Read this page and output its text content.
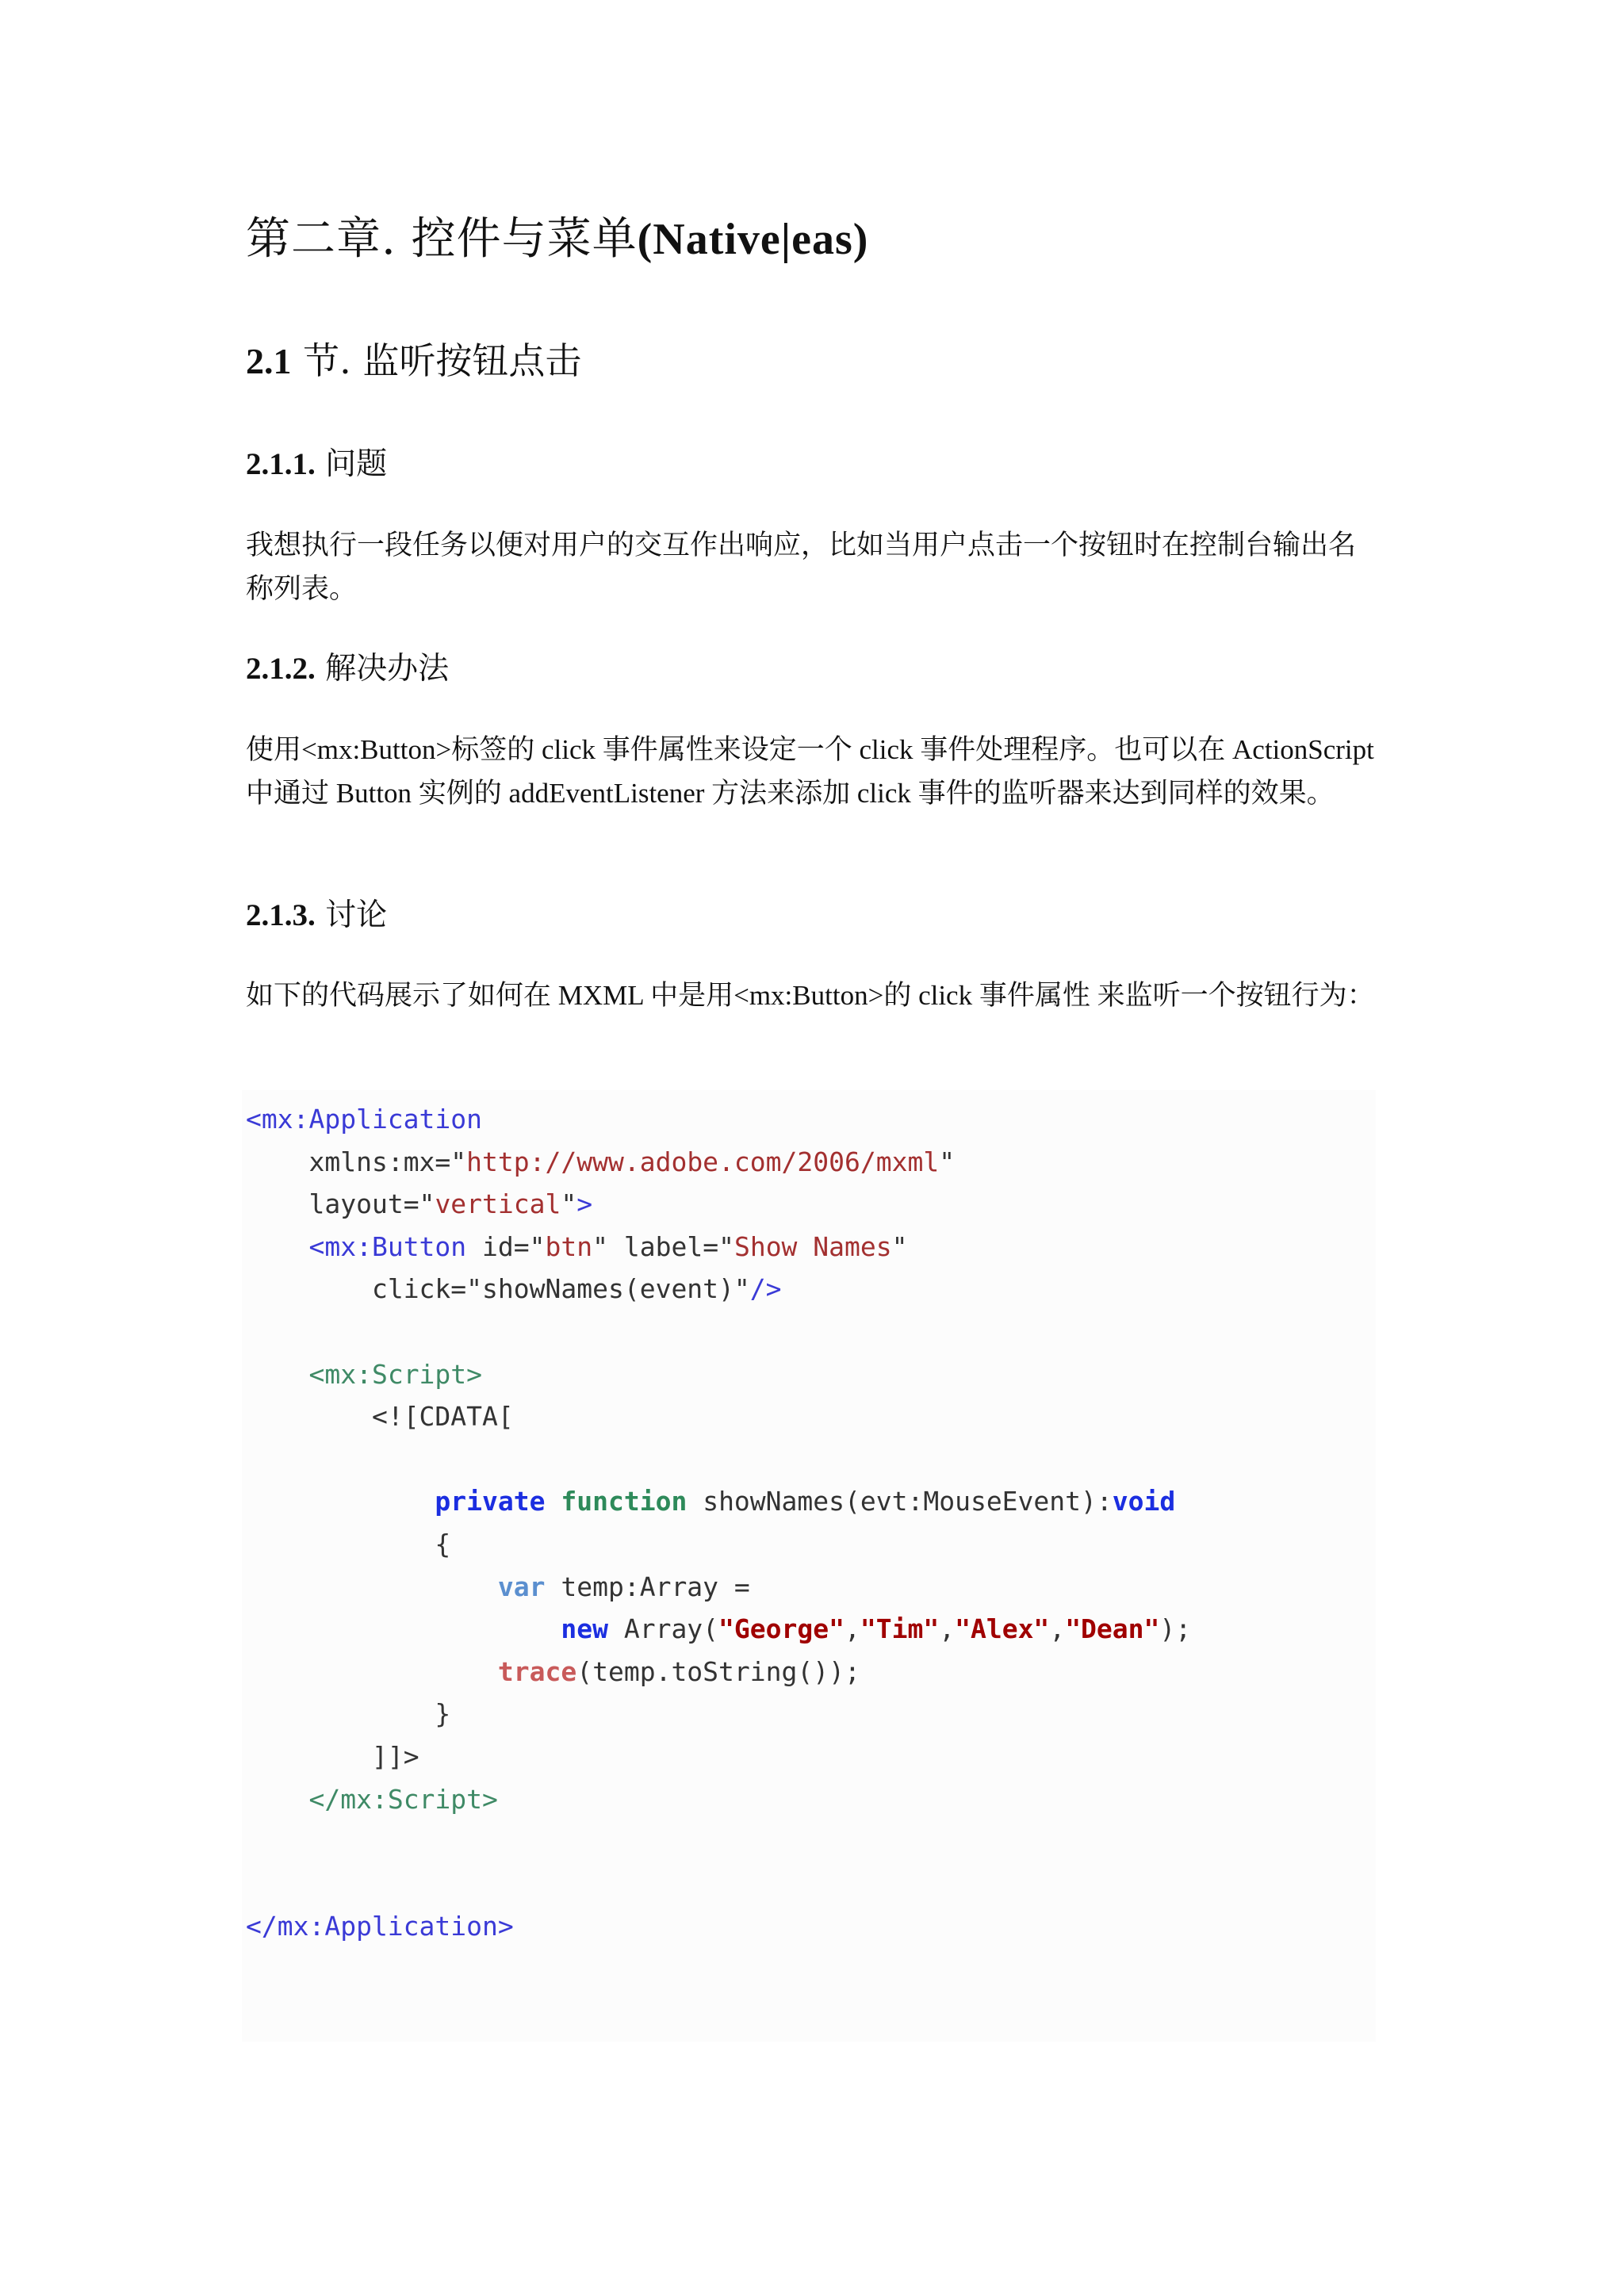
第二章. 控件与菜单(Native|eas)
2.1 节. 监听按钮点击
2.1.1. 问题

我想执行一段任务以便对用户的交互作出响应，比如当用户点击一个按钮时在控制台输出名称列表。

2.1.2. 解决办法

使用<mx:Button>标签的 click 事件属性来设定一个 click 事件处理程序。也可以在 ActionScript 中通过 Button 实例的 addEventListener 方法来添加 click 事件的监听器来达到同样的效果。

2.1.3. 讨论

如下的代码展示了如何在 MXML 中是用<mx:Button>的 click 事件属性 来监听一个按钮行为：

<mx:Application
xmlns:mx="http://www.adobe.com/2006/mxml"
layout="vertical">
<mx:Button id="btn" label="Show Names"
click="showNames(event)"/>

<mx:Script>
<![CDATA[

private function showNames(evt:MouseEvent):void
{
var temp:Array =
new Array("George","Tim","Alex","Dean");
trace(temp.toString());
}
]]>
</mx:Script>

</mx:Application>
